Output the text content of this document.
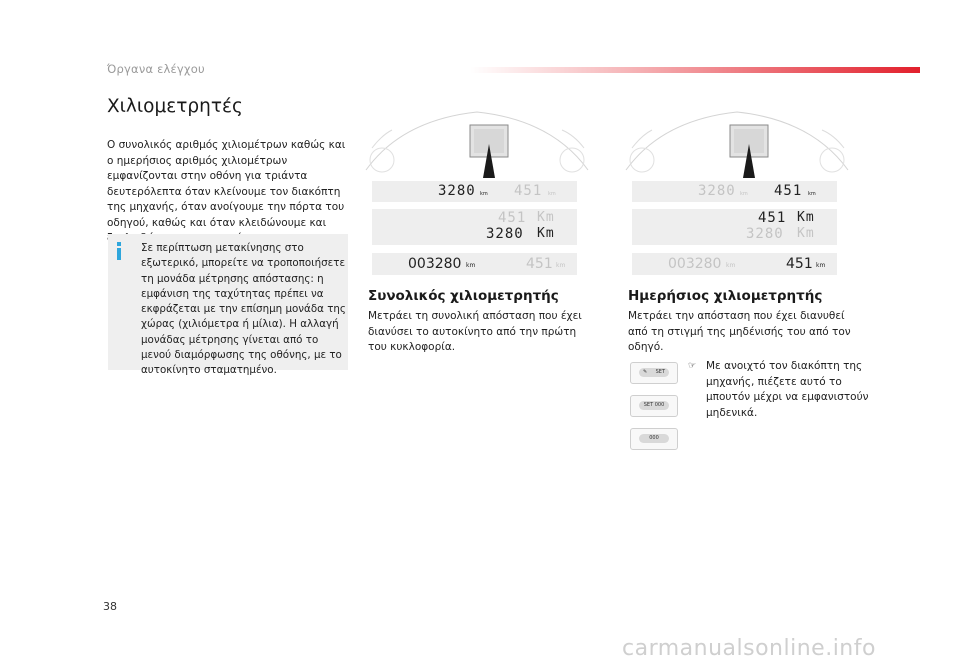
Όργανα ελέγχου
Χιλιομετρητές
Ο συνολικός αριθμός χιλιομέτρων καθώς και ο ημερήσιος αριθμός χιλιομέτρων εμφανίζονται στην οθόνη για τριάντα δευτερόλεπτα όταν κλείνουμε τον διακόπτη της μηχανής, όταν ανοίγουμε την πόρτα του οδηγού, καθώς και όταν κλειδώνουμε και
Σε περίπτωση μετακίνησης στο εξωτερικό, μπορείτε να τροποποιήσετε τη μονάδα μέτρησης απόστασης: η εμφάνιση της ταχύτητας πρέπει να εκφράζεται με την επίσημη μονάδα της χώρας (χιλιόμετρα ή μίλια). Η αλλαγή μονάδας μέτρησης γίνεται από το μενού διαμόρφωσης της οθόνης, με το αυτοκίνητο σταματημένο.
3280 km 451 km
451 Km
3280 Km
003280 km	451 km
Συνολικός χιλιομετρητής
Μετράει τη συνολική απόσταση που έχει διανύσει το αυτοκίνητο από την πρώτη του κυκλοφορία.
3280 km 451 km
451 Km
3280 Km
003280 km	451 km
Ημερήσιος χιλιομετρητής
Μετράει την απόσταση που έχει διανυθεί από τη στιγμή της μηδένισής του από τον οδηγό.
✎ SET
SET 000
000
☞ Με ανοιχτό τον διακόπτη της μηχανής, πιέζετε αυτό το μπουτόν μέχρι να εμφανιστούν μηδενικά.
38
carmanualsonline.info
